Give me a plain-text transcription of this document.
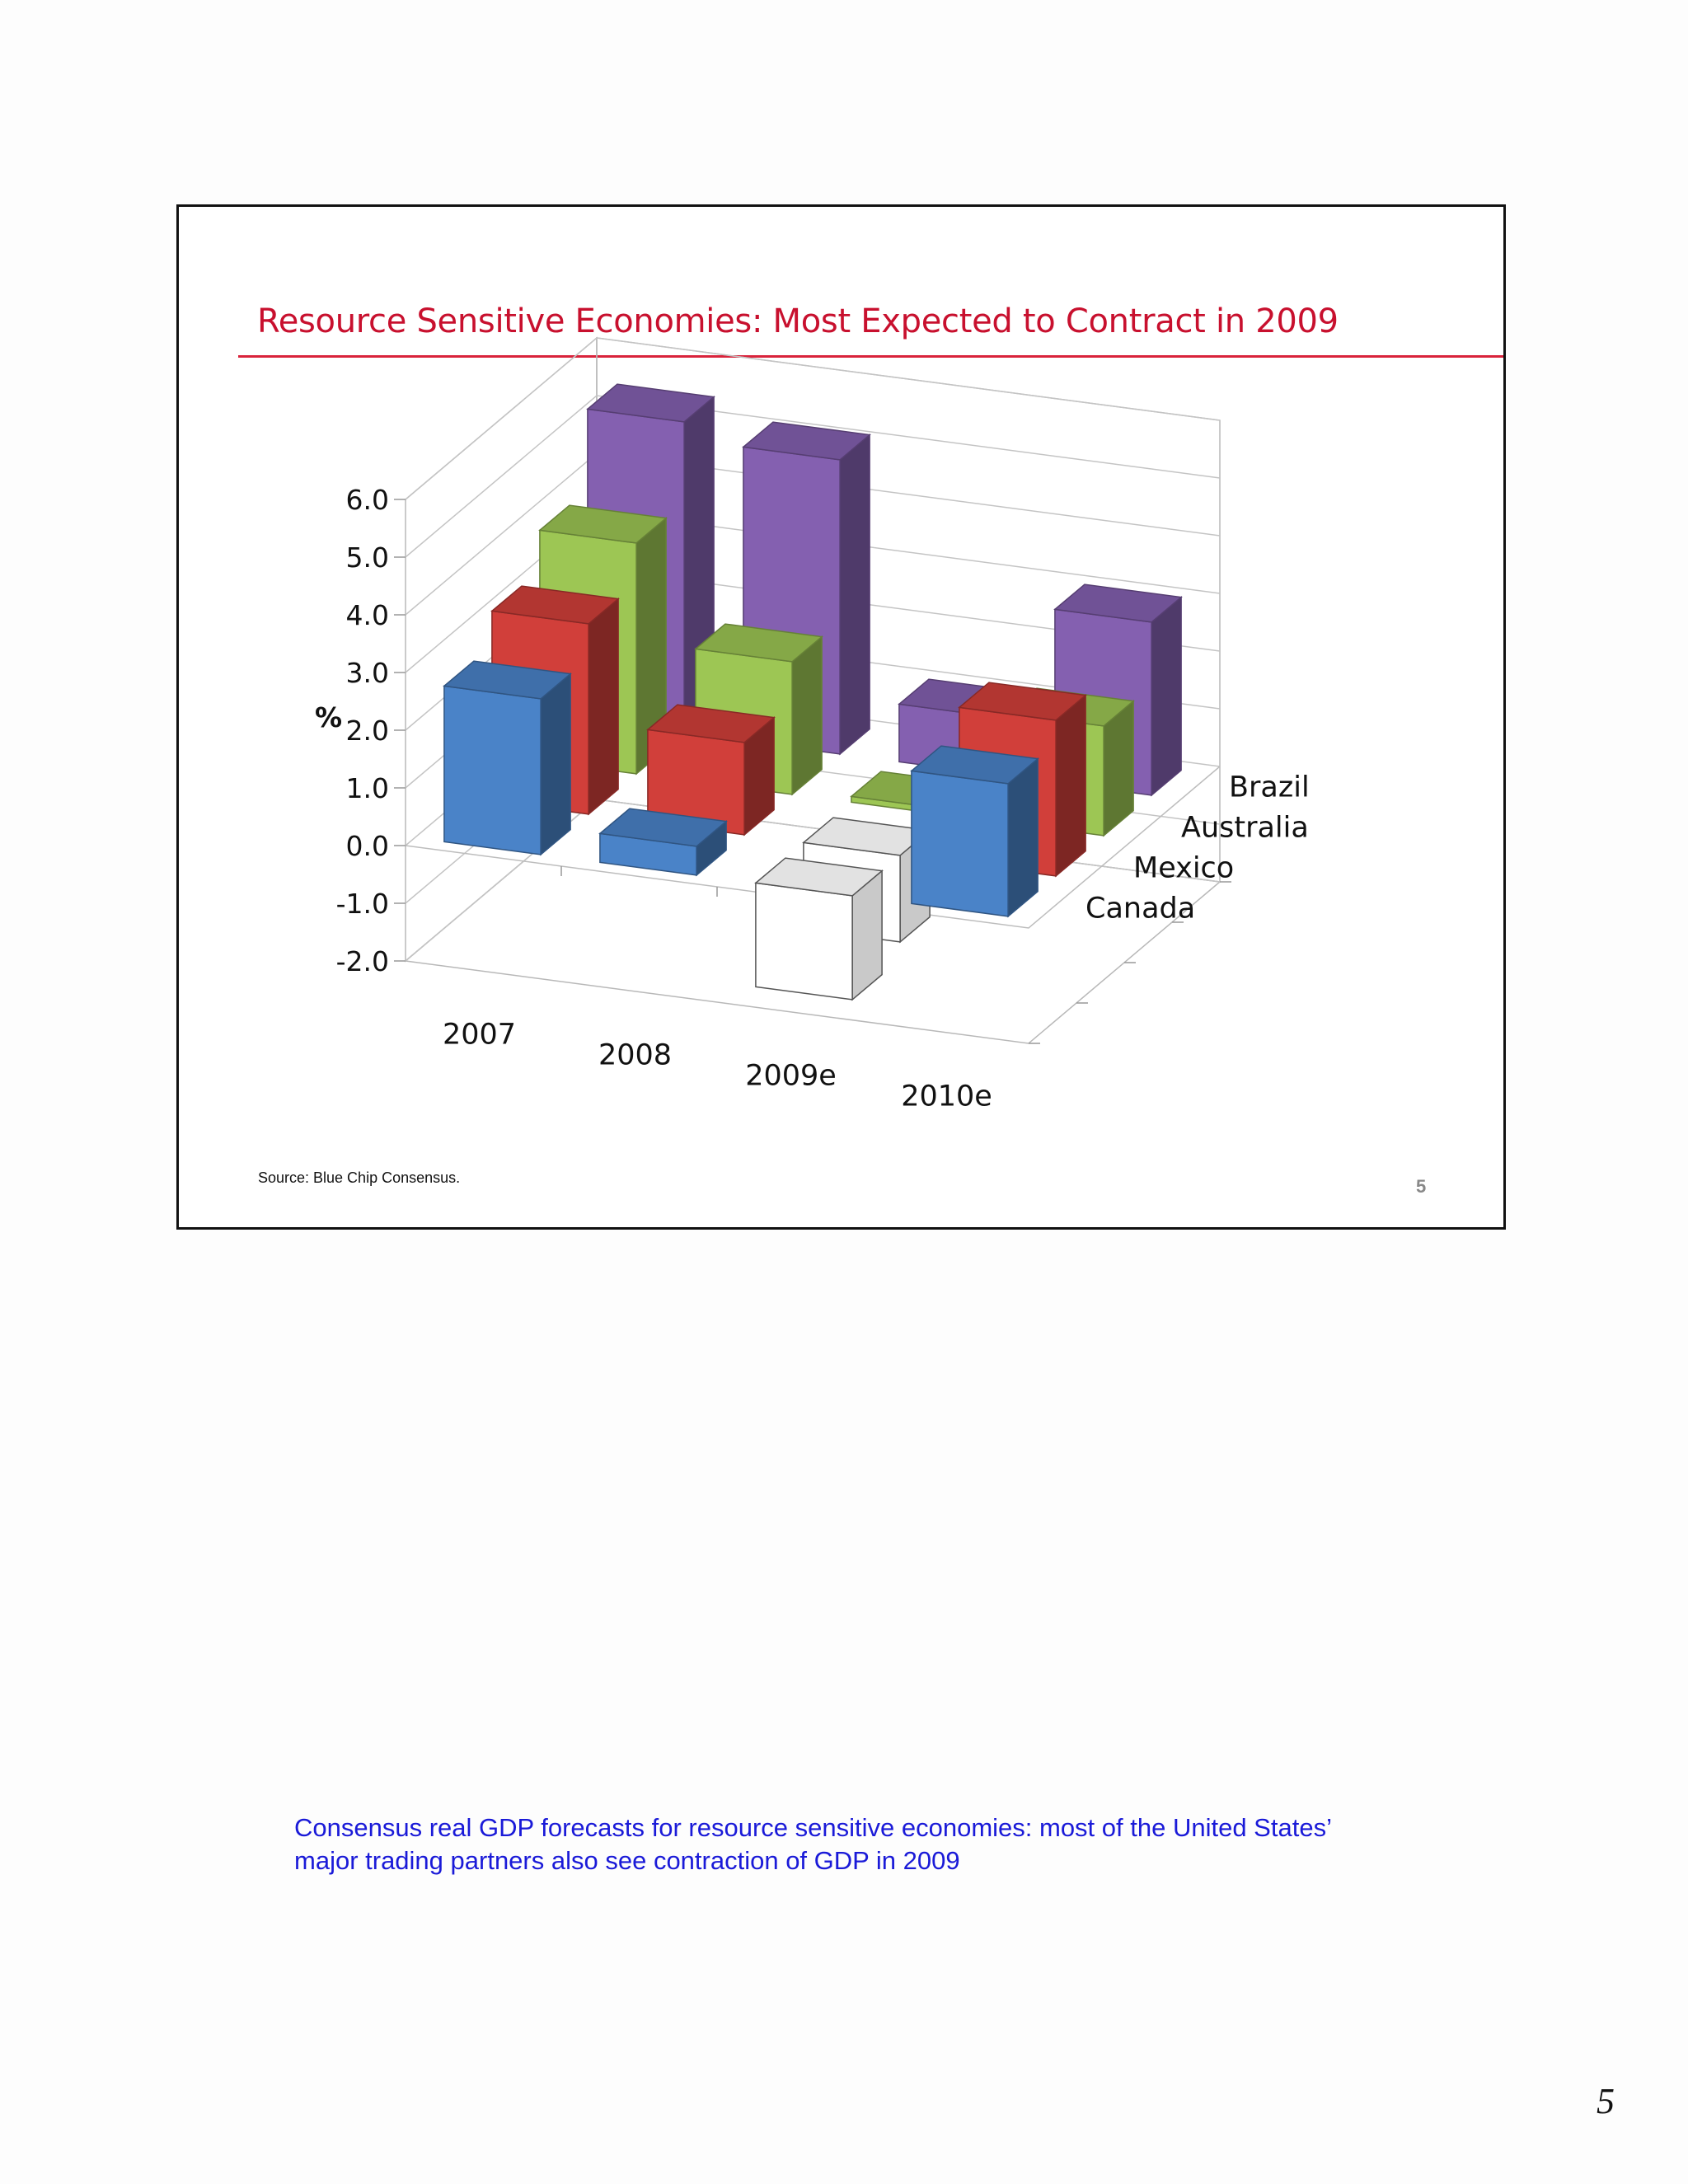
Resource Sensitive Economies: Most Expected to Contract in 2009
6.0
5.0
4.0
3.0
2.0
1.0
0.0
-1.0
-2.0
%
2007
2008
2009e
2010e
Canada
Mexico
Australia
Brazil
Source: Blue Chip Consensus.	5
Consensus real GDP forecasts for resource sensitive economies: most of the United States’ major trading partners also see contraction of GDP in 2009
5
